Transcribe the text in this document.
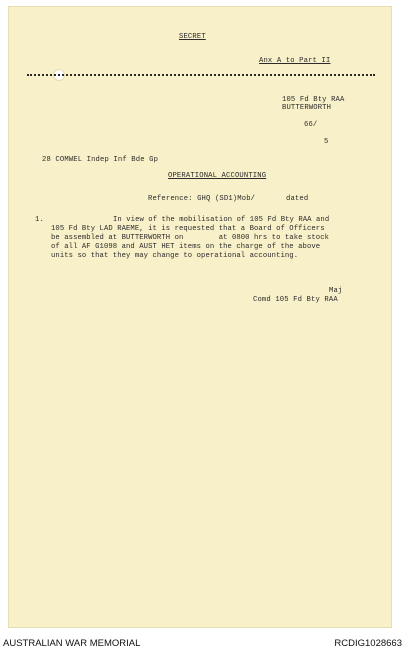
SECRET
Anx A to Part II
105 Fd Bty RAA
BUTTERWORTH
66/
5
28 COMWEL Indep Inf Bde Gp
OPERATIONAL ACCOUNTING
Reference: GHQ (SD1)Mob/	dated
1.	In view of the mobilisation of 105 Fd Bty RAA and
105 Fd Bty LAD RAEME, it is requested that a Board of Officers
be assembled at BUTTERWORTH on        at 0800 hrs to take stock
of all AF G1098 and AUST HET items on the charge of the above
units so that they may change to operational accounting.
Maj
Comd 105 Fd Bty RAA
AUSTRALIAN WAR MEMORIAL	RCDIG1028663
